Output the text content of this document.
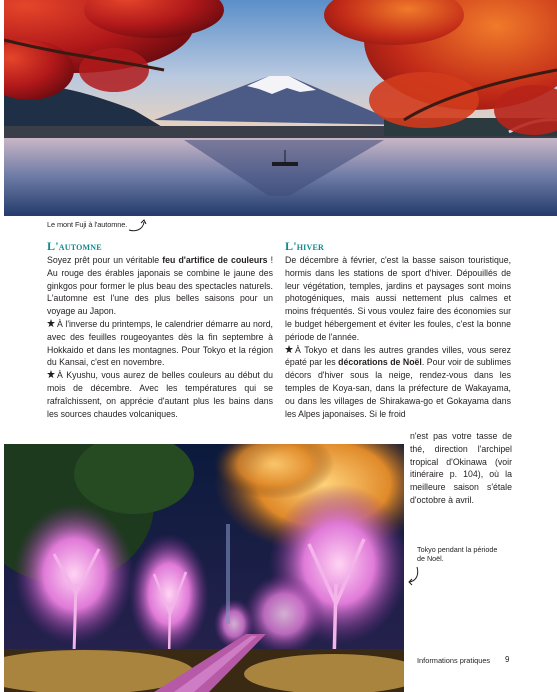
Le mont Fuji à l'automne.
L'automne

Soyez prêt pour un véritable feu d'artifice de couleurs ! Au rouge des érables japonais se combine le jaune des ginkgos pour former le plus beau des spectacles naturels. L'automne est l'une des plus belles saisons pour un voyage au Japon.

À l'inverse du printemps, le calendrier démarre au nord, avec des feuilles rougeoyantes dès la fin septembre à Hokkaido et dans les montagnes. Pour Tokyo et la région du Kansai, c'est en novembre.

À Kyushu, vous aurez de belles couleurs au début du mois de décembre. Avec les températures qui se rafraîchissent, on apprécie d'autant plus les bains dans les sources chaudes volcaniques.

L'hiver

De décembre à février, c'est la basse saison touristique, hormis dans les stations de sport d'hiver. Dépouillés de leur végétation, temples, jardins et paysages sont moins photogéniques, mais aussi nettement plus calmes et moins fréquentés. Si vous voulez faire des économies sur le budget hébergement et éviter les foules, c'est la bonne période de l'année.

À Tokyo et dans les autres grandes villes, vous serez épaté par les décorations de Noël. Pour voir de sublimes décors d'hiver sous la neige, rendez-vous dans les temples de Koya-san, dans la préfecture de Wakayama, ou dans les villages de Shirakawa-go et Gokayama dans les Alpes japonaises. Si le froid

n'est pas votre tasse de thé, direction l'archipel tropical d'Okinawa (voir itinéraire p. 104), où la meilleure saison s'étale d'octobre à avril.
Tokyo pendant la période de Noël.
Informations pratiques 9
